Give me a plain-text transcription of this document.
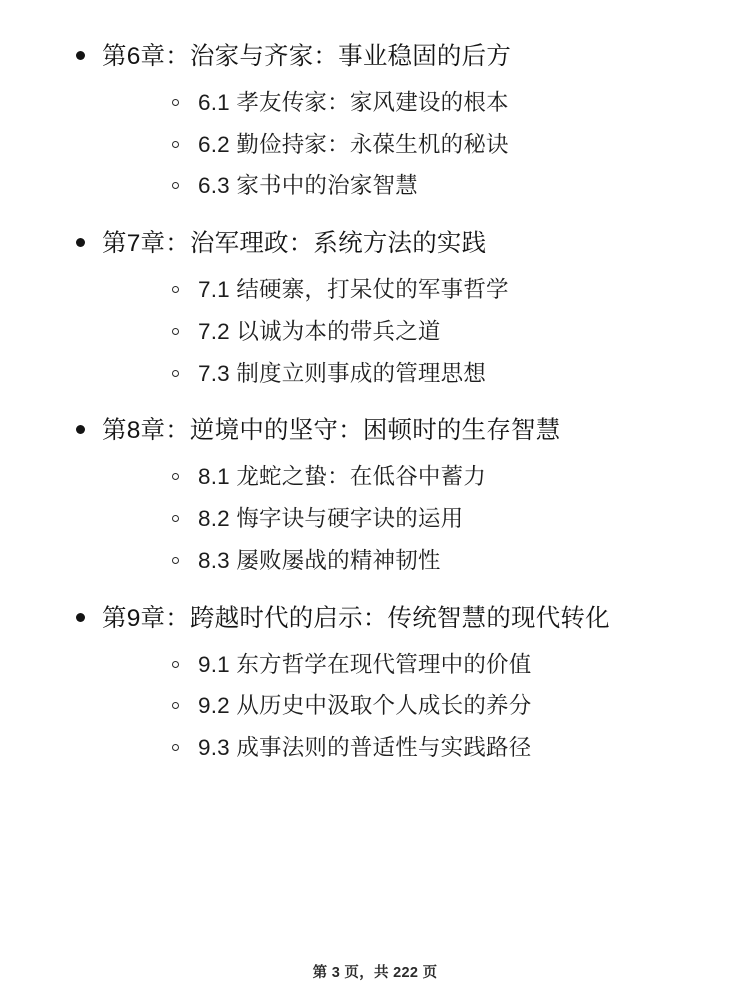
第6章：治家与齐家：事业稳固的后方

6.1 孝友传家：家风建设的根本

6.2 勤俭持家：永葆生机的秘诀

6.3 家书中的治家智慧

第7章：治军理政：系统方法的实践

7.1 结硬寨，打呆仗的军事哲学

7.2 以诚为本的带兵之道

7.3 制度立则事成的管理思想

第8章：逆境中的坚守：困顿时的生存智慧

8.1 龙蛇之蛰：在低谷中蓄力

8.2 悔字诀与硬字诀的运用

8.3 屡败屡战的精神韧性

第9章：跨越时代的启示：传统智慧的现代转化

9.1 东方哲学在现代管理中的价值

9.2 从历史中汲取个人成长的养分

9.3 成事法则的普适性与实践路径

第 3 页，共 222 页
